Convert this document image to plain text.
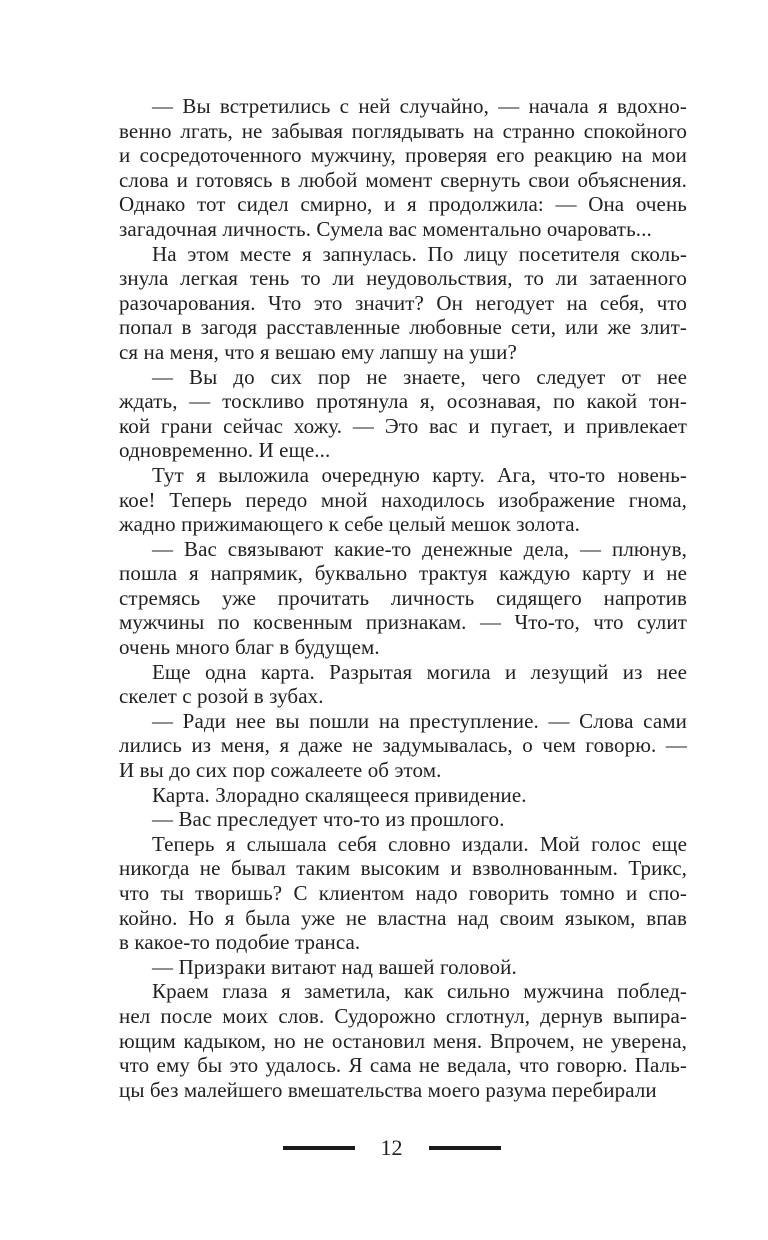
— Вы встретились с ней случайно, — начала я вдохно-
венно лгать, не забывая поглядывать на странно спокойного
и сосредоточенного мужчину, проверяя его реакцию на мои
слова и готовясь в любой момент свернуть свои объяснения.
Однако тот сидел смирно, и я продолжила: — Она очень
загадочная личность. Сумела вас моментально очаровать...
На этом месте я запнулась. По лицу посетителя сколь-
знула легкая тень то ли неудовольствия, то ли затаенного
разочарования. Что это значит? Он негодует на себя, что
попал в загодя расставленные любовные сети, или же злит-
ся на меня, что я вешаю ему лапшу на уши?
— Вы до сих пор не знаете, чего следует от нее
ждать, — тоскливо протянула я, осознавая, по какой тон-
кой грани сейчас хожу. — Это вас и пугает, и привлекает
одновременно. И еще...
Тут я выложила очередную карту. Ага, что-то новень-
кое! Теперь передо мной находилось изображение гнома,
жадно прижимающего к себе целый мешок золота.
— Вас связывают какие-то денежные дела, — плюнув,
пошла я напрямик, буквально трактуя каждую карту и не
стремясь уже прочитать личность сидящего напротив
мужчины по косвенным признакам. — Что-то, что сулит
очень много благ в будущем.
Еще одна карта. Разрытая могила и лезущий из нее
скелет с розой в зубах.
— Ради нее вы пошли на преступление. — Слова сами
лились из меня, я даже не задумывалась, о чем говорю. —
И вы до сих пор сожалеете об этом.
Карта. Злорадно скалящееся привидение.
— Вас преследует что-то из прошлого.
Теперь я слышала себя словно издали. Мой голос еще
никогда не бывал таким высоким и взволнованным. Трикс,
что ты творишь? С клиентом надо говорить томно и спо-
койно. Но я была уже не властна над своим языком, впав
в какое-то подобие транса.
— Призраки витают над вашей головой.
Краем глаза я заметила, как сильно мужчина поблед-
нел после моих слов. Судорожно сглотнул, дернув выпира-
ющим кадыком, но не остановил меня. Впрочем, не уверена,
что ему бы это удалось. Я сама не ведала, что говорю. Паль-
цы без малейшего вмешательства моего разума перебирали
12
